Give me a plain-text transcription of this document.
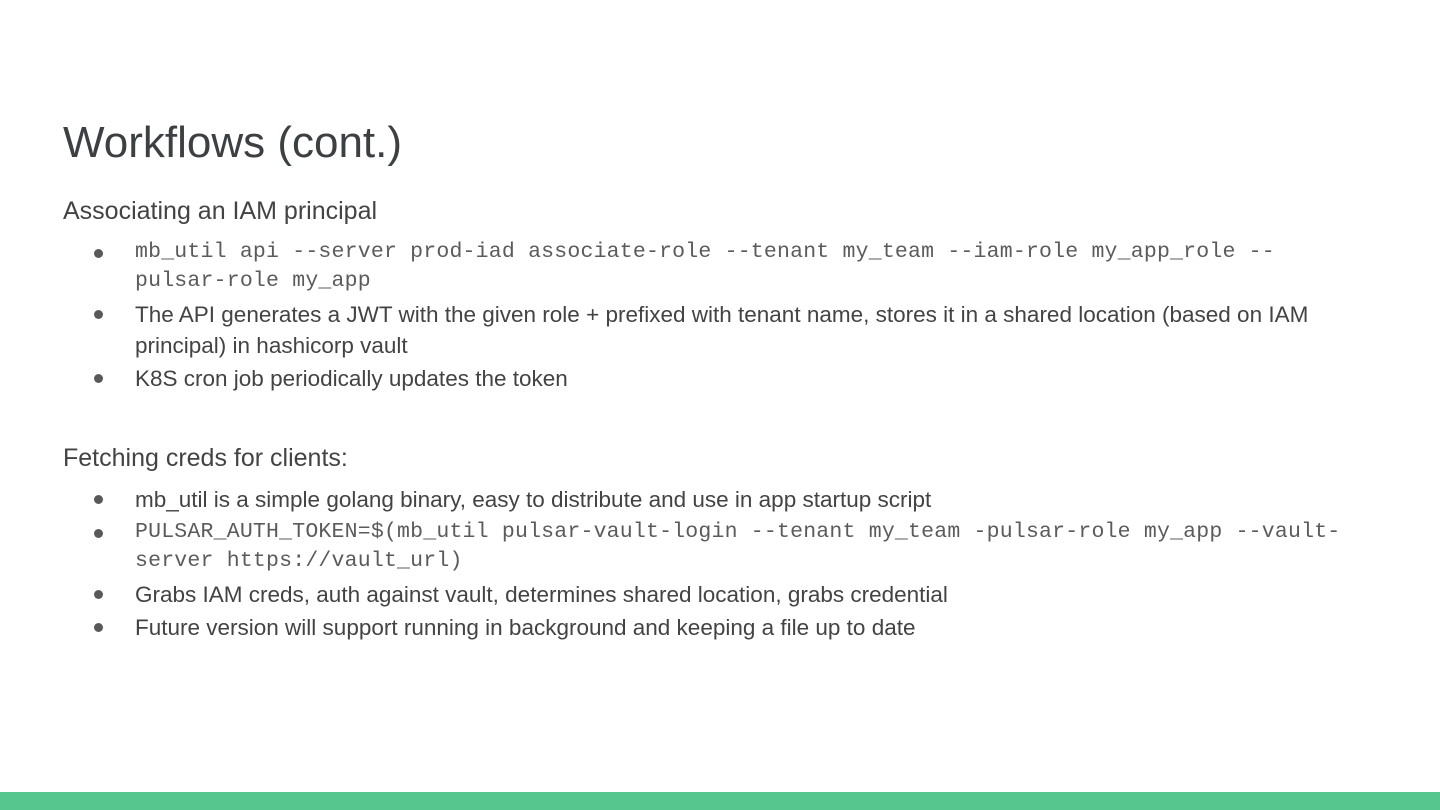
Workflows (cont.)

Associating an IAM principal

mb_util api --server prod-iad associate-role --tenant my_team --iam-role my_app_role --pulsar-role my_app
The API generates a JWT with the given role + prefixed with tenant name, stores it in a shared location (based on IAM principal) in hashicorp vault
K8S cron job periodically updates the token

Fetching creds for clients:

mb_util is a simple golang binary, easy to distribute and use in app startup script
PULSAR_AUTH_TOKEN=$(mb_util pulsar-vault-login --tenant my_team -pulsar-role my_app --vault-server https://vault_url)
Grabs IAM creds, auth against vault, determines shared location, grabs credential
Future version will support running in background and keeping a file up to date
